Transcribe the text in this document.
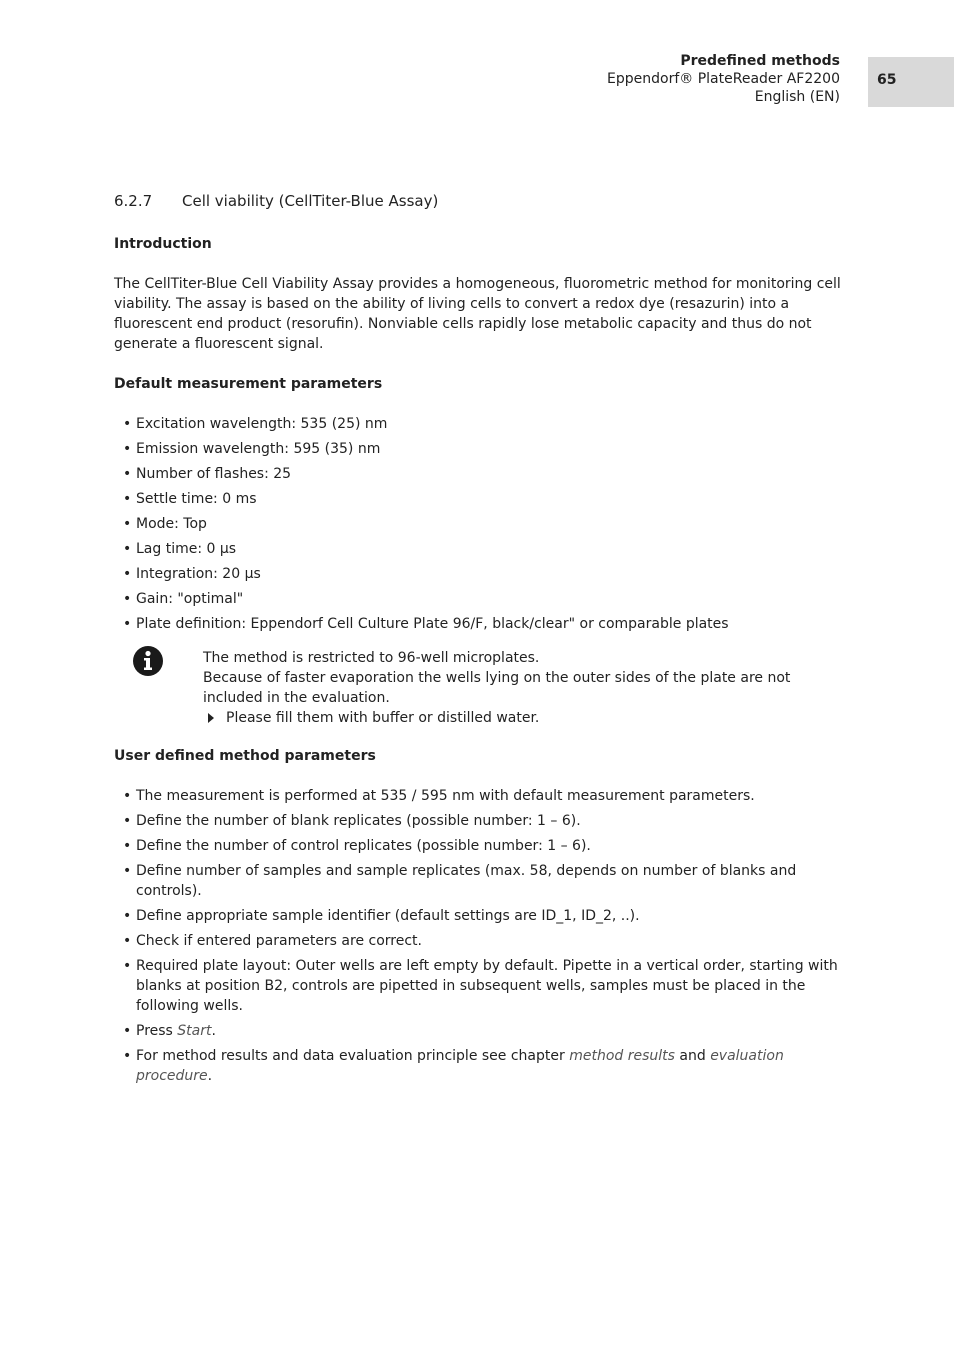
Predefined methods
Eppendorf® PlateReader AF2200
English (EN)
65
6.2.7 Cell viability (CellTiter-Blue Assay)
Introduction

The CellTiter-Blue Cell Viability Assay provides a homogeneous, fluorometric method for monitoring cell viability. The assay is based on the ability of living cells to convert a redox dye (resazurin) into a fluorescent end product (resorufin). Nonviable cells rapidly lose metabolic capacity and thus do not generate a fluorescent signal.

Default measurement parameters
• Excitation wavelength: 535 (25) nm
• Emission wavelength: 595 (35) nm
• Number of flashes: 25
• Settle time: 0 ms
• Mode: Top
• Lag time: 0 µs
• Integration: 20 µs
• Gain: "optimal"
• Plate definition: Eppendorf Cell Culture Plate 96/F, black/clear" or comparable plates
The method is restricted to 96-well microplates.
Because of faster evaporation the wells lying on the outer sides of the plate are not included in the evaluation.
Please fill them with buffer or distilled water.
User defined method parameters
• The measurement is performed at 535 / 595 nm with default measurement parameters.
• Define the number of blank replicates (possible number: 1 – 6).
• Define the number of control replicates (possible number: 1 – 6).
• Define number of samples and sample replicates (max. 58, depends on number of blanks and controls).
• Define appropriate sample identifier (default settings are ID_1, ID_2, ..).
• Check if entered parameters are correct.
• Required plate layout: Outer wells are left empty by default. Pipette in a vertical order, starting with blanks at position B2, controls are pipetted in subsequent wells, samples must be placed in the following wells.
• Press Start.
• For method results and data evaluation principle see chapter method results and evaluation procedure.
